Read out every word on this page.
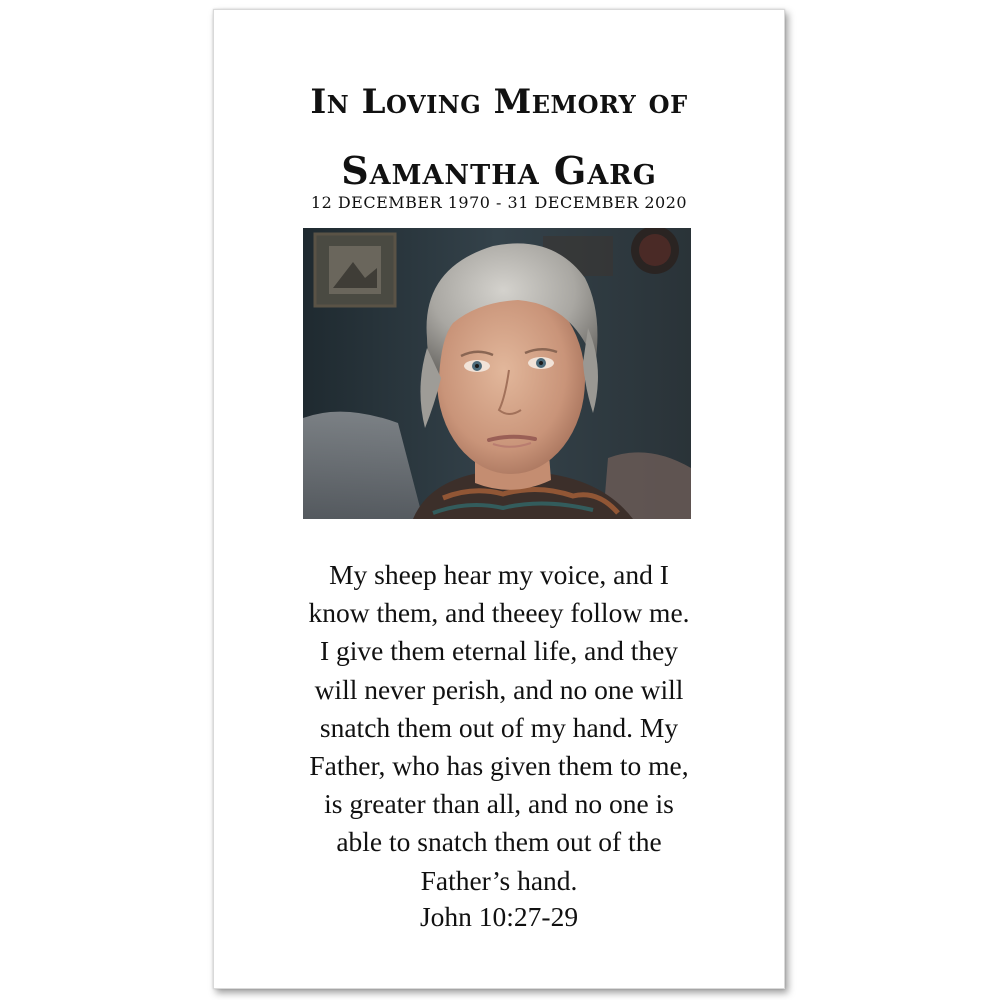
In Loving Memory of
Samantha Garg
12 DECEMBER 1970 - 31 DECEMBER 2020
My sheep hear my voice, and I
know them, and theeey follow me.
I give them eternal life, and they
will never perish, and no one will
snatch them out of my hand. My
Father, who has given them to me,
is greater than all, and no one is
able to snatch them out of the
Father’s hand.
John 10:27-29
